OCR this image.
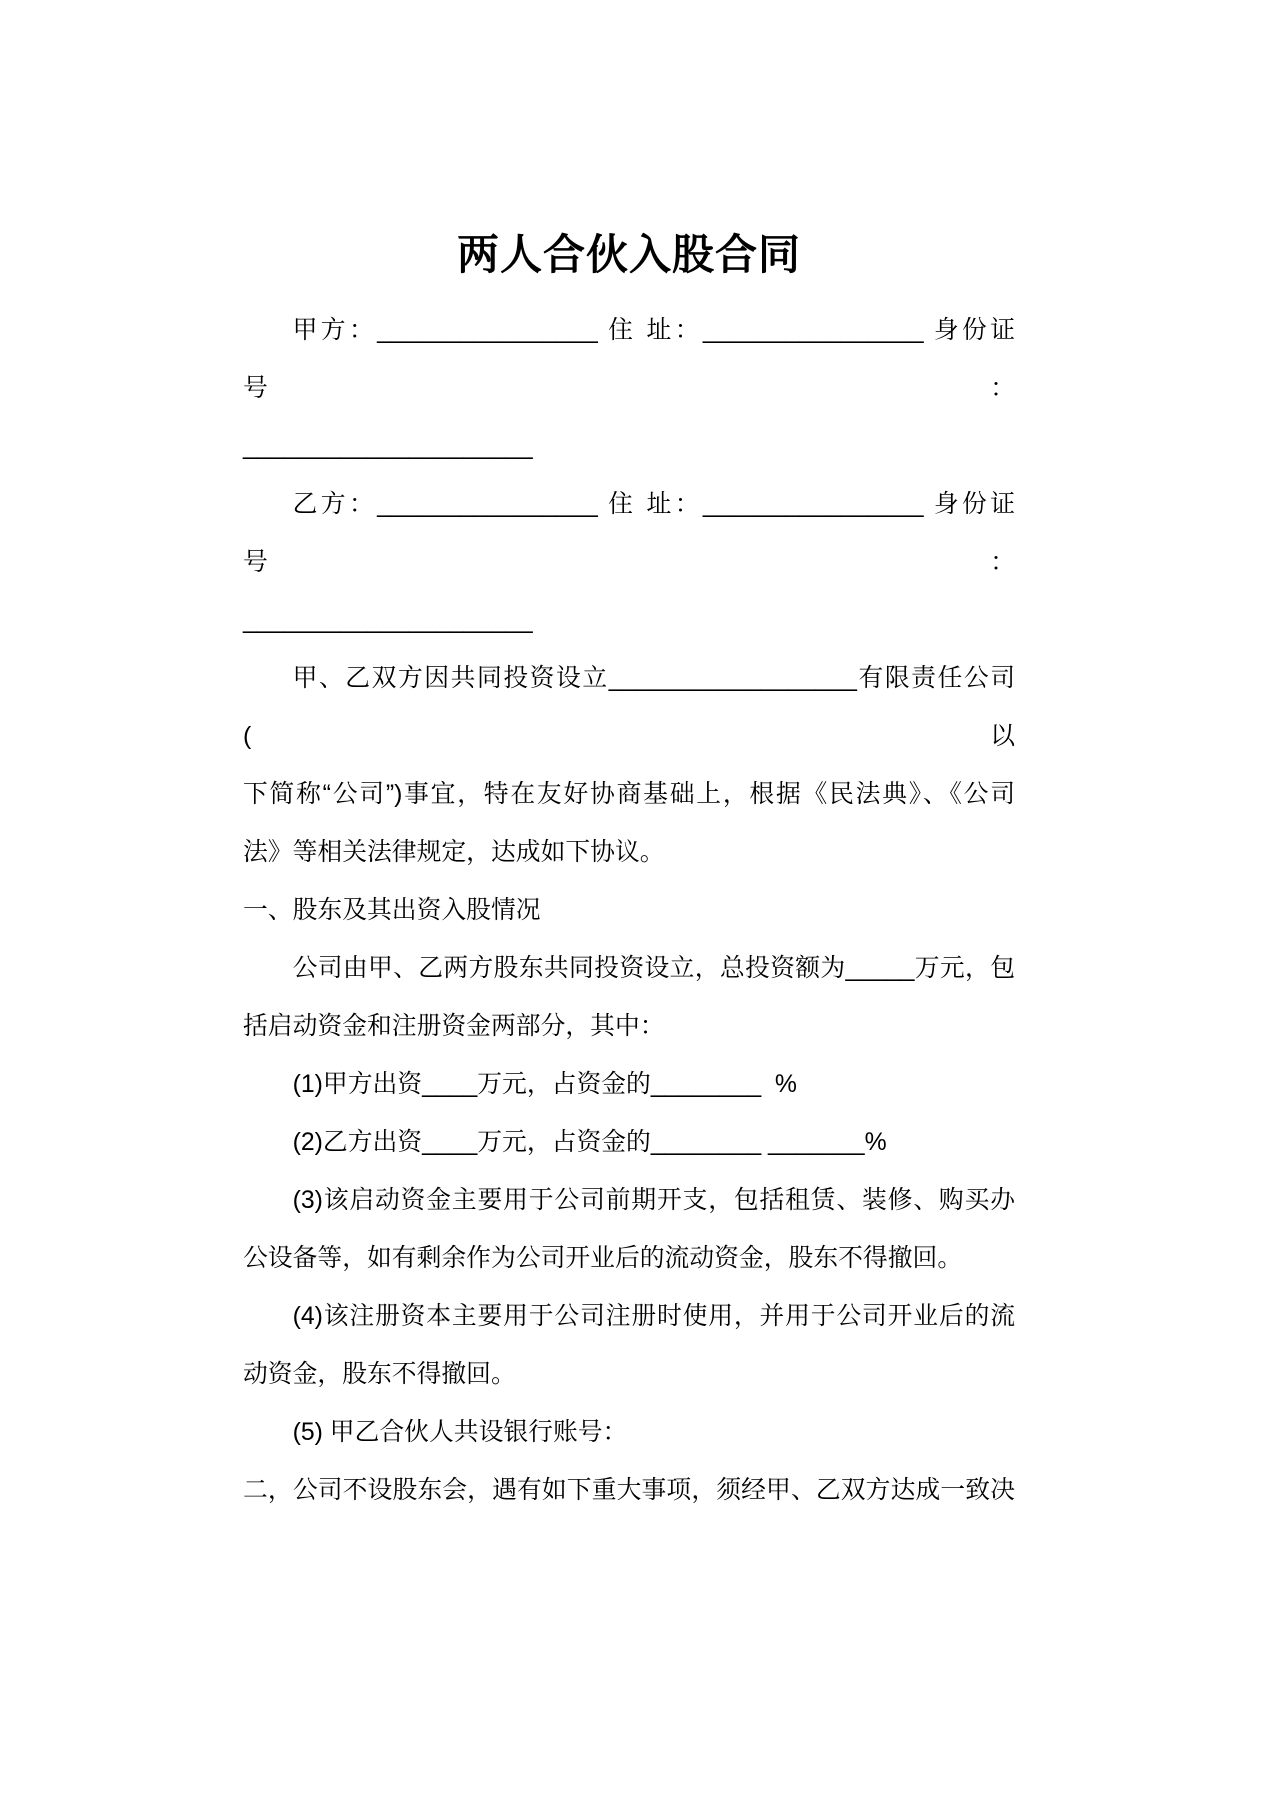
两人合伙入股合同
甲方：________________ 住 址：________________ 身份证号：
_____________________
乙方：________________ 住 址：________________ 身份证号：
_____________________
甲、乙双方因共同投资设立__________________有限责任公司(以
下简称“公司”)事宜，特在友好协商基础上，根据《民法典》、《公司
法》等相关法律规定，达成如下协议。
一、股东及其出资入股情况
公司由甲、乙两方股东共同投资设立，总投资额为_____万元，包
括启动资金和注册资金两部分，其中：
(1)甲方出资____万元，占资金的________  %
(2)乙方出资____万元，占资金的________ _______%
(3)该启动资金主要用于公司前期开支，包括租赁、装修、购买办
公设备等，如有剩余作为公司开业后的流动资金，股东不得撤回。
(4)该注册资本主要用于公司注册时使用，并用于公司开业后的流
动资金，股东不得撤回。
(5) 甲乙合伙人共设银行账号：
二，公司不设股东会，遇有如下重大事项，须经甲、乙双方达成一致决
